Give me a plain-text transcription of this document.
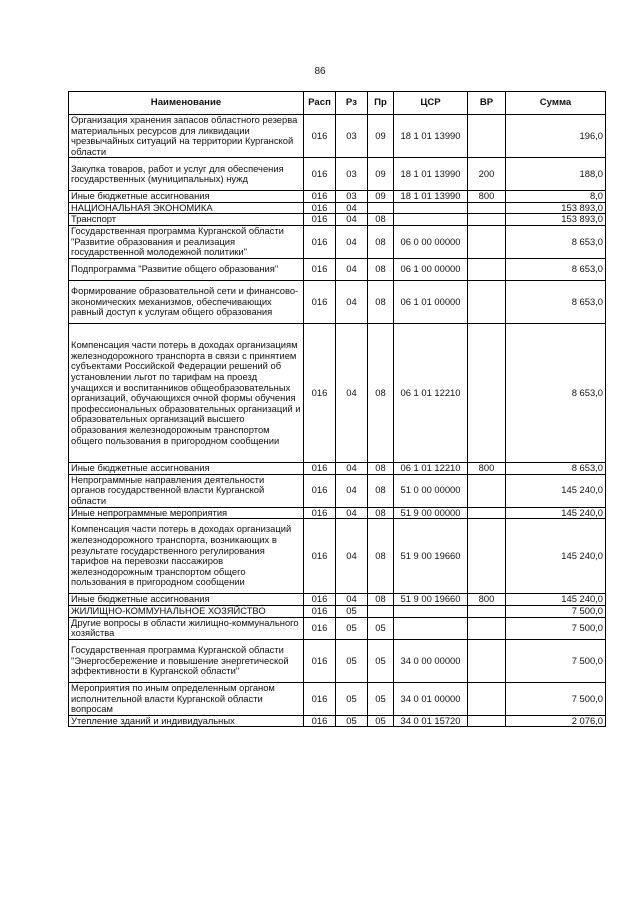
86
Наименование	Расп	Рз	Пр	ЦСР	ВР	Сумма
Организация хранения запасов областного резерва материальных ресурсов для ликвидации чрезвычайных ситуаций на территории Курганской области	016	03	09	18 1 01 13990		196,0
Закупка товаров, работ и услуг для обеспечения государственных (муниципальных) нужд	016	03	09	18 1 01 13990	200	188,0
Иные бюджетные ассигнования	016	03	09	18 1 01 13990	800	8,0
НАЦИОНАЛЬНАЯ ЭКОНОМИКА	016	04				153 893,0
Транспорт	016	04	08			153 893,0
Государственная программа Курганской области "Развитие образования и реализация государственной молодежной политики"	016	04	08	06 0 00 00000		8 653,0
Подпрограмма "Развитие общего образования"	016	04	08	06 1 00 00000		8 653,0
Формирование образовательной сети и финансово-экономических механизмов, обеспечивающих равный доступ к услугам общего образования	016	04	08	06 1 01 00000		8 653,0
Компенсация части потерь в доходах организациям железнодорожного транспорта в связи с принятием субъектами Российской Федерации решений об установлении льгот по тарифам на проезд учащихся и воспитанников общеобразовательных организаций, обучающихся очной формы обучения профессиональных образовательных организаций и образовательных организаций высшего образования железнодорожным транспортом общего пользования в пригородном сообщении	016	04	08	06 1 01 12210		8 653,0
Иные бюджетные ассигнования	016	04	08	06 1 01 12210	800	8 653,0
Непрограммные направления деятельности органов государственной власти Курганской области	016	04	08	51 0 00 00000		145 240,0
Иные непрограммные мероприятия	016	04	08	51 9 00 00000		145 240,0
Компенсация части потерь в доходах организаций железнодорожного транспорта, возникающих в результате государственного регулирования тарифов на перевозки пассажиров железнодорожным транспортом общего пользования в пригородном сообщении	016	04	08	51 9 00 19660		145 240,0
Иные бюджетные ассигнования	016	04	08	51 9 00 19660	800	145 240,0
ЖИЛИЩНО-КОММУНАЛЬНОЕ ХОЗЯЙСТВО	016	05				7 500,0
Другие вопросы в области жилищно-коммунального хозяйства	016	05	05			7 500,0
Государственная программа Курганской области "Энергосбережение и повышение энергетической эффективности в Курганской области"	016	05	05	34 0 00 00000		7 500,0
Мероприятия по иным определенным органом исполнительной власти Курганской области вопросам	016	05	05	34 0 01 00000		7 500,0
Утепление зданий и индивидуальных	016	05	05	34 0 01 15720		2 076,0
